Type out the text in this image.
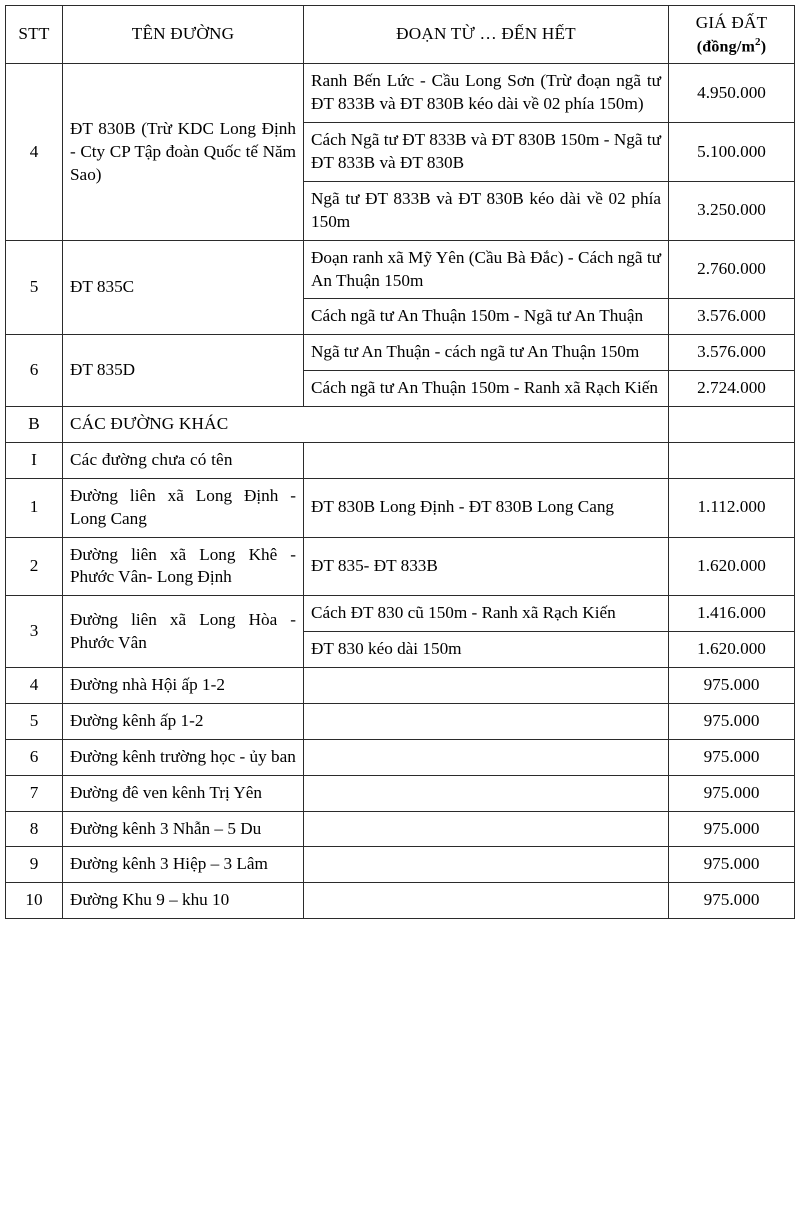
STT	TÊN ĐƯỜNG	ĐOẠN TỪ … ĐẾN HẾT	GIÁ ĐẤT
$(đồng/m^2)$

4	ĐT 830B (Trừ KDC Long Định - Cty CP Tập đoàn Quốc tế Năm Sao)	Ranh Bến Lức - Cầu Long Sơn (Trừ đoạn ngã tư ĐT 833B và ĐT 830B kéo dài về 02 phía 150m)	4.950.000
		Cách Ngã tư ĐT 833B và ĐT 830B 150m - Ngã tư ĐT 833B và ĐT 830B	5.100.000
		Ngã tư ĐT 833B và ĐT 830B kéo dài về 02 phía 150m	3.250.000
5	ĐT 835C	Đoạn ranh xã Mỹ Yên (Cầu Bà Đắc) - Cách ngã tư An Thuận 150m	2.760.000
		Cách ngã tư An Thuận 150m - Ngã tư An Thuận	3.576.000
6	ĐT 835D	Ngã tư An Thuận - cách ngã tư An Thuận 150m	3.576.000
		Cách ngã tư An Thuận 150m - Ranh xã Rạch Kiến	2.724.000
B	CÁC ĐƯỜNG KHÁC		
I	Các đường chưa có tên		
1	Đường liên xã Long Định - Long Cang	ĐT 830B Long Định - ĐT 830B Long Cang	1.112.000
2	Đường liên xã Long Khê - Phước Vân- Long Định	ĐT 835- ĐT 833B	1.620.000
3	Đường liên xã Long Hòa - Phước Vân	Cách ĐT 830 cũ 150m - Ranh xã Rạch Kiến	1.416.000
		ĐT 830 kéo dài 150m	1.620.000
4	Đường nhà Hội ấp 1-2		975.000
5	Đường kênh ấp 1-2		975.000
6	Đường kênh trường học - ủy ban		975.000
7	Đường đê ven kênh Trị Yên		975.000
8	Đường kênh 3 Nhẫn – 5 Du		975.000
9	Đường kênh 3 Hiệp – 3 Lâm		975.000
10	Đường Khu 9 – khu 10		975.000
